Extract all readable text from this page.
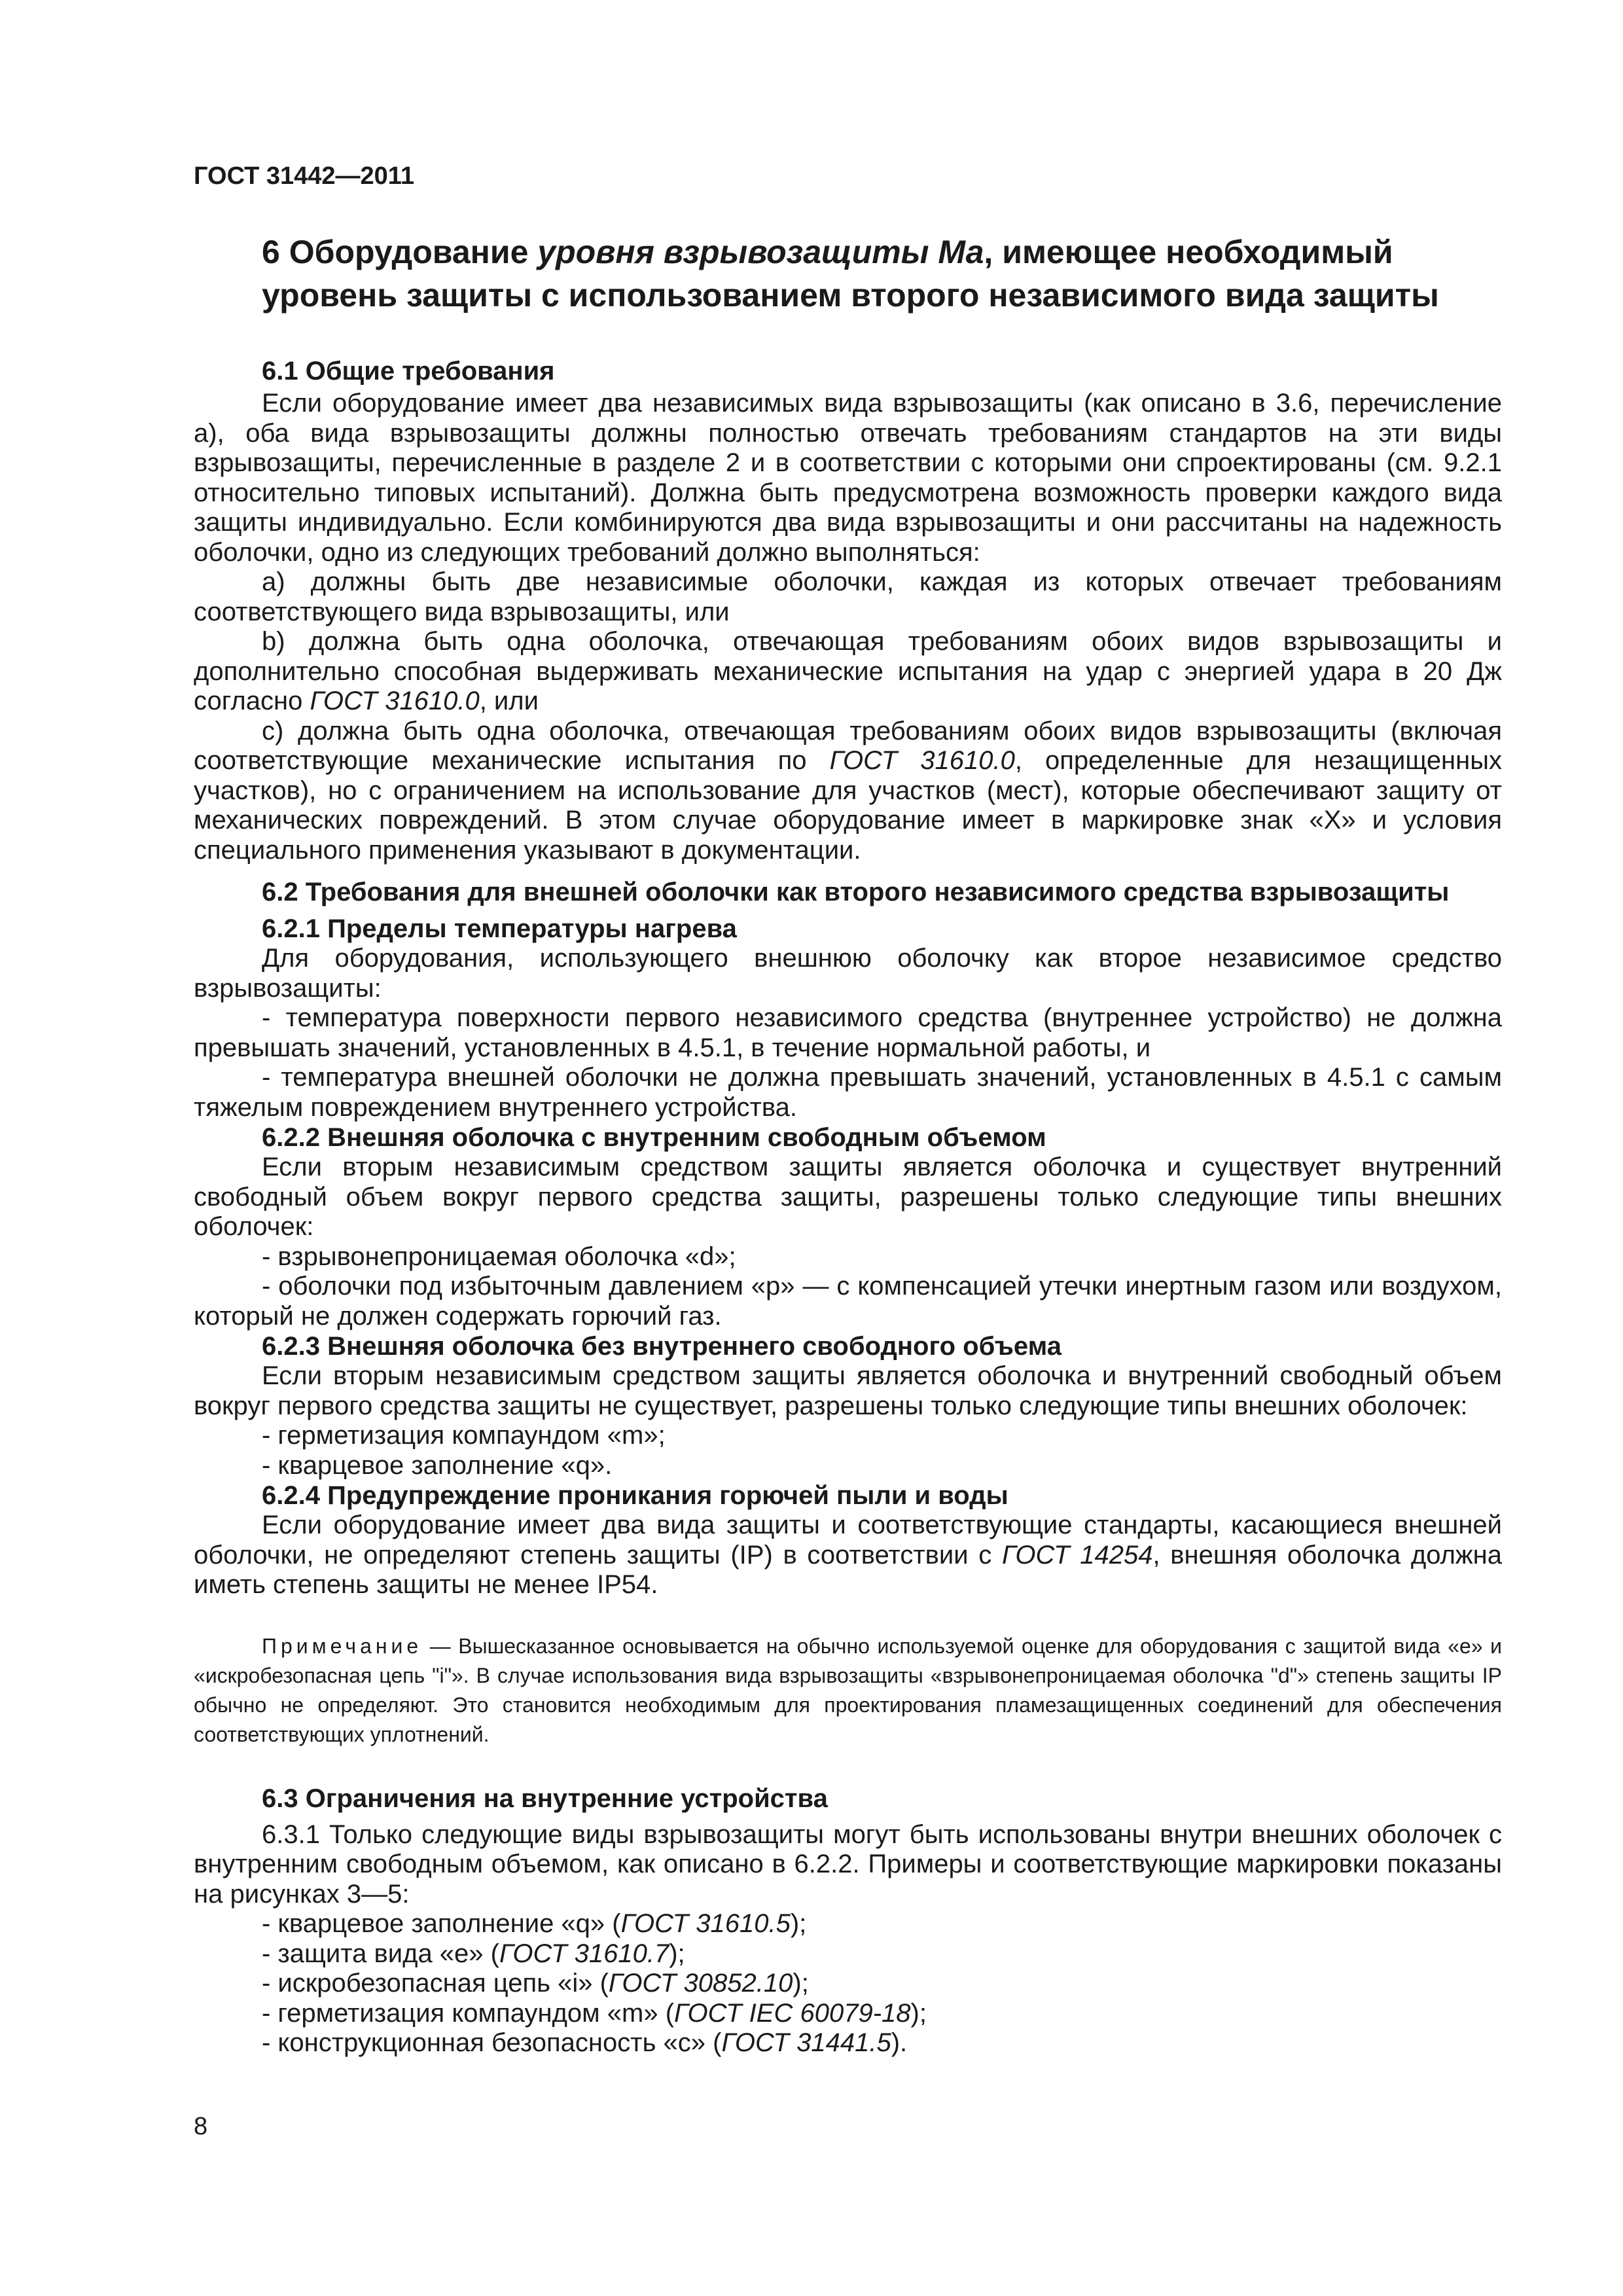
ГОСТ 31442—2011

6 Оборудование уровня взрывозащиты Ма, имеющее необходимый уровень защиты с использованием второго независимого вида защиты
6.1 Общие требования

Если оборудование имеет два независимых вида взрывозащиты (как описано в 3.6, перечисление а), оба вида взрывозащиты должны полностью отвечать требованиям стандартов на эти виды взрывозащиты, перечисленные в разделе 2 и в соответствии с которыми они спроектированы (см. 9.2.1 относительно типовых испытаний). Должна быть предусмотрена возможность проверки каждого вида защиты индивидуально. Если комбинируются два вида взрывозащиты и они рассчитаны на надежность оболочки, одно из следующих требований должно выполняться:

а) должны быть две независимые оболочки, каждая из которых отвечает требованиям соответствующего вида взрывозащиты, или

b) должна быть одна оболочка, отвечающая требованиям обоих видов взрывозащиты и дополнительно способная выдерживать механические испытания на удар с энергией удара в 20 Дж согласно ГОСТ 31610.0, или

с) должна быть одна оболочка, отвечающая требованиям обоих видов взрывозащиты (включая соответствующие механические испытания по ГОСТ 31610.0, определенные для незащищенных участков), но с ограничением на использование для участков (мест), которые обеспечивают защиту от механических повреждений. В этом случае оборудование имеет в маркировке знак «Х» и условия специального применения указывают в документации.

6.2 Требования для внешней оболочки как второго независимого средства взрывозащиты
6.2.1 Пределы температуры нагрева

Для оборудования, использующего внешнюю оболочку как второе независимое средство взрывозащиты:

- температура поверхности первого независимого средства (внутреннее устройство) не должна превышать значений, установленных в 4.5.1, в течение нормальной работы, и

- температура внешней оболочки не должна превышать значений, установленных в 4.5.1 с самым тяжелым повреждением внутреннего устройства.

6.2.2 Внешняя оболочка с внутренним свободным объемом

Если вторым независимым средством защиты является оболочка и существует внутренний свободный объем вокруг первого средства защиты, разрешены только следующие типы внешних оболочек:

- взрывонепроницаемая оболочка «d»;

- оболочки под избыточным давлением «р» — с компенсацией утечки инертным газом или воздухом, который не должен содержать горючий газ.

6.2.3 Внешняя оболочка без внутреннего свободного объема

Если вторым независимым средством защиты является оболочка и внутренний свободный объем вокруг первого средства защиты не существует, разрешены только следующие типы внешних оболочек:

- герметизация компаундом «m»;

- кварцевое заполнение «q».

6.2.4 Предупреждение проникания горючей пыли и воды

Если оборудование имеет два вида защиты и соответствующие стандарты, касающиеся внешней оболочки, не определяют степень защиты (IP) в соответствии с ГОСТ 14254, внешняя оболочка должна иметь степень защиты не менее IP54.

Примечание — Вышесказанное основывается на обычно используемой оценке для оборудования с защитой вида «е» и «искробезопасная цепь "i"». В случае использования вида взрывозащиты «взрывонепроницаемая оболочка "d"» степень защиты IP обычно не определяют. Это становится необходимым для проектирования пламезащищенных соединений для обеспечения соответствующих уплотнений.

6.3 Ограничения на внутренние устройства

6.3.1 Только следующие виды взрывозащиты могут быть использованы внутри внешних оболочек с внутренним свободным объемом, как описано в 6.2.2. Примеры и соответствующие маркировки показаны на рисунках 3—5:

- кварцевое заполнение «q» (ГОСТ 31610.5);

- защита вида «е» (ГОСТ 31610.7);

- искробезопасная цепь «i» (ГОСТ 30852.10);

- герметизация компаундом «m» (ГОСТ IEC 60079-18);

- конструкционная безопасность «с» (ГОСТ 31441.5).

8
